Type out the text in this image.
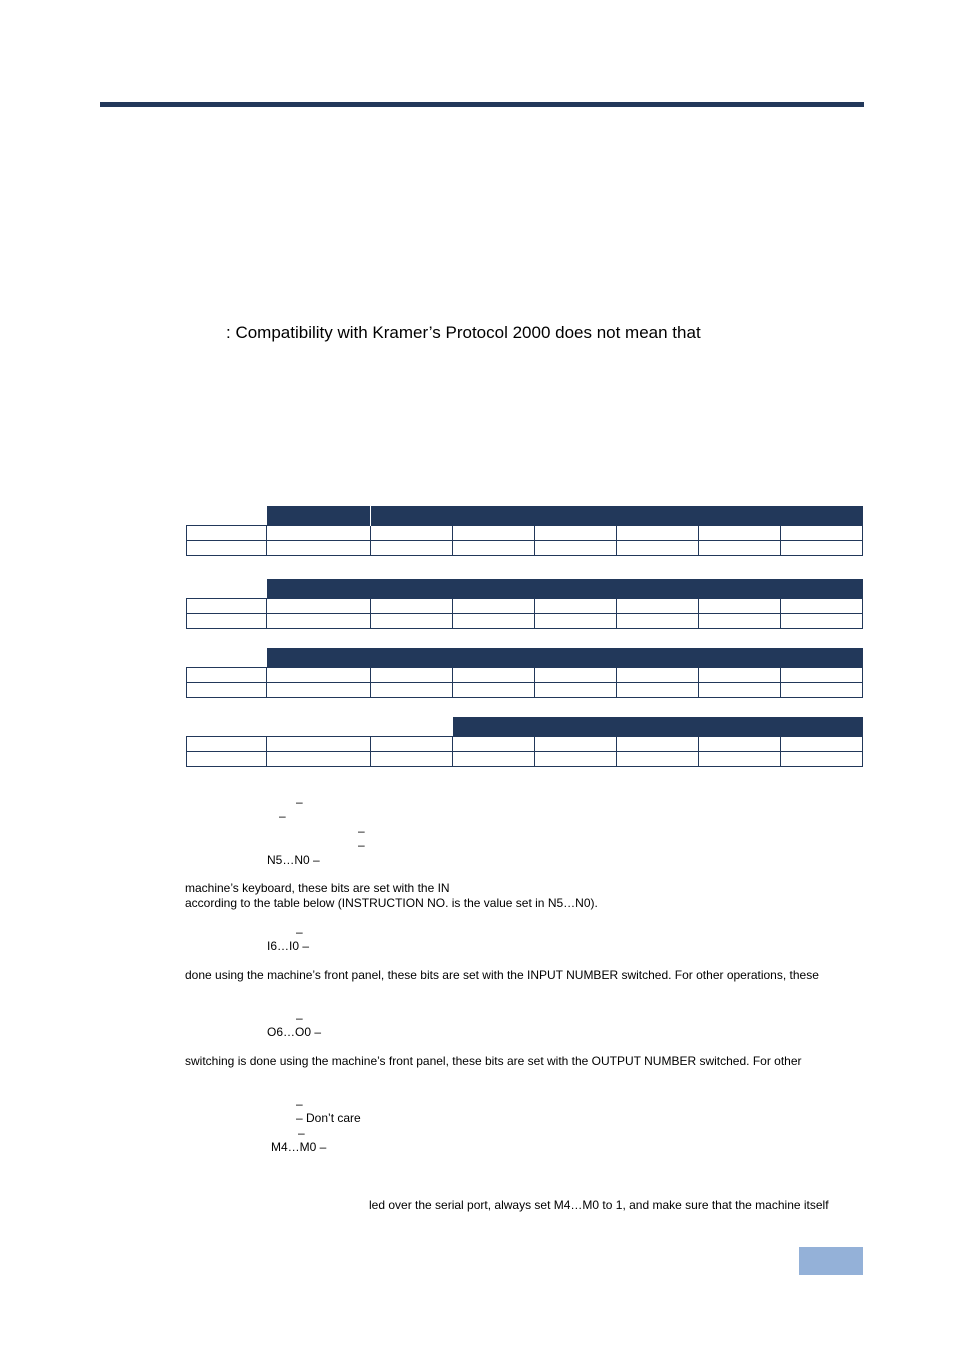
: Compatibility with Kramer’s Protocol 2000 does not mean that

–
–
–
–
N5…N0 –
machine’s keyboard, these bits are set with the IN
according to the table below (INSTRUCTION NO. is the value set in N5…N0).
–
I6…I0 –
done using the machine’s front panel, these bits are set with the INPUT NUMBER switched. For other operations, these
–
O6…O0 –
switching is done using the machine’s front panel, these bits are set with the OUTPUT NUMBER switched. For other
–
– Don’t care
–
M4…M0 –
led over the serial port, always set M4…M0 to 1, and make sure that the machine itself
